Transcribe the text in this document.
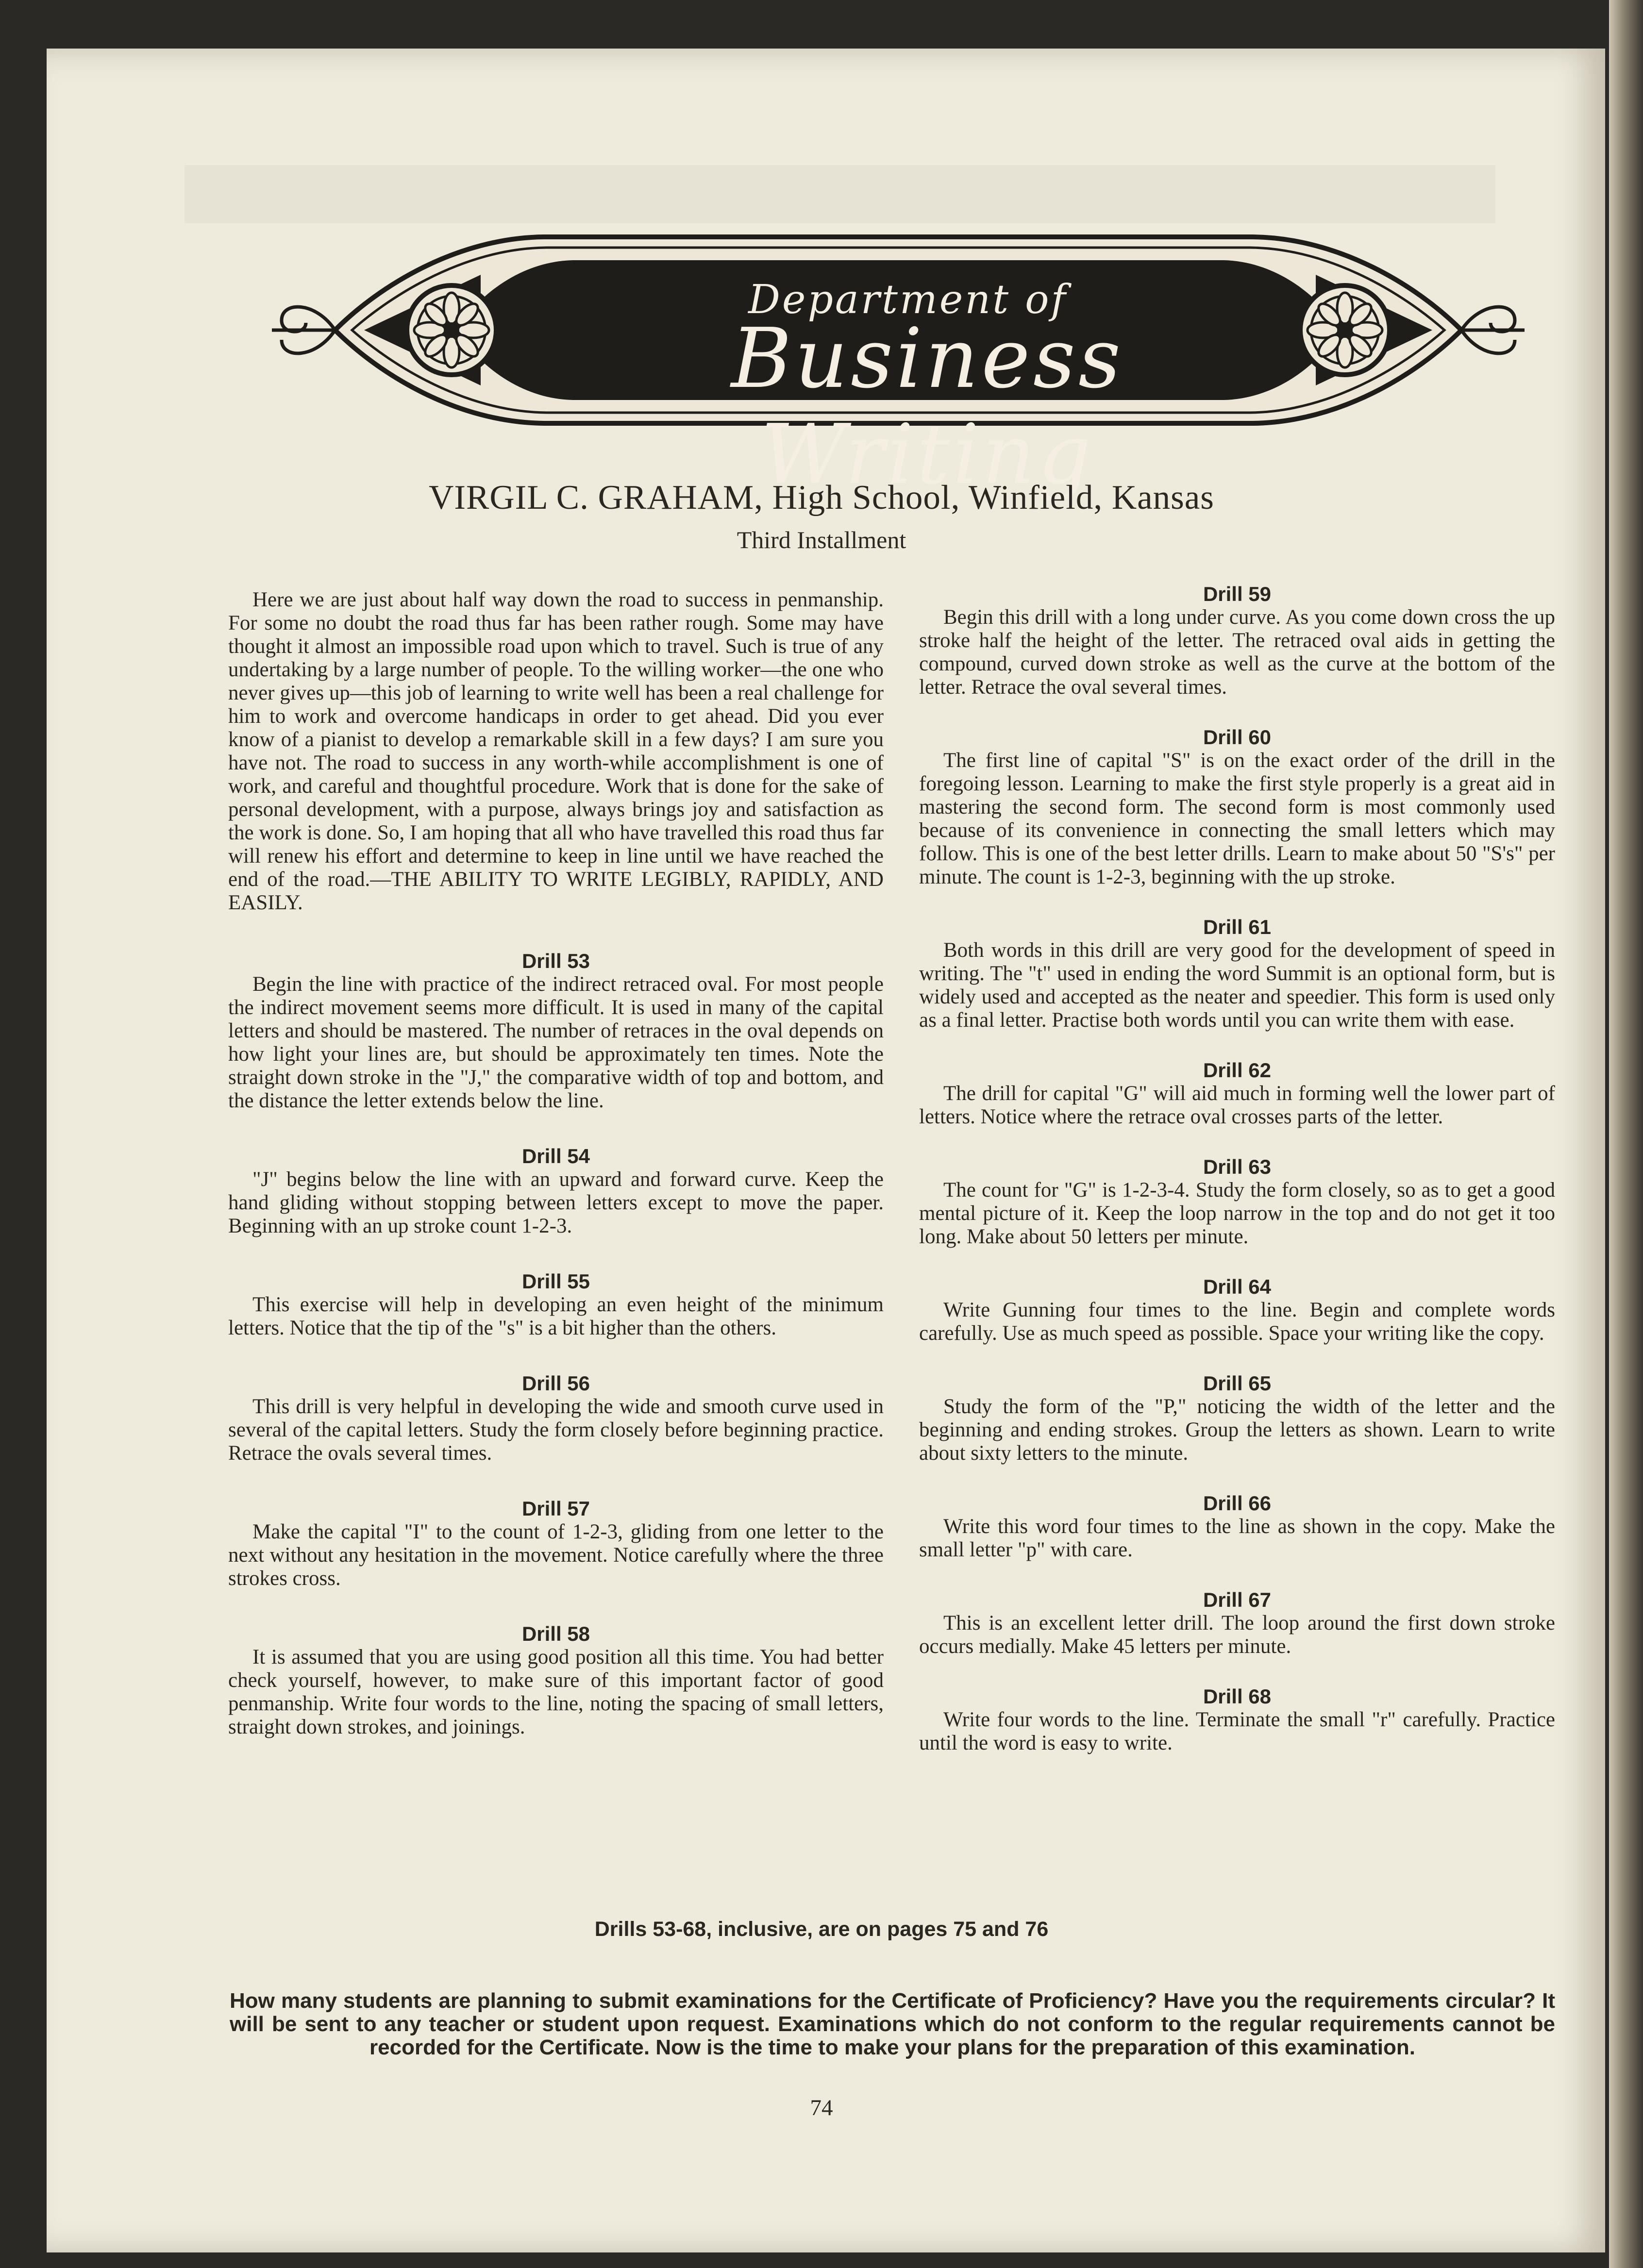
Department of
Business Writing
VIRGIL C. GRAHAM, High School, Winfield, Kansas
Third Installment

Here we are just about half way down the road to success in penmanship. For some no doubt the road thus far has been rather rough. Some may have thought it almost an impossible road upon which to travel. Such is true of any undertaking by a large number of people. To the willing worker—the one who never gives up—this job of learning to write well has been a real challenge for him to work and overcome handicaps in order to get ahead. Did you ever know of a pianist to develop a remarkable skill in a few days? I am sure you have not. The road to success in any worth-while accomplishment is one of work, and careful and thoughtful procedure. Work that is done for the sake of personal development, with a purpose, always brings joy and satisfaction as the work is done. So, I am hoping that all who have travelled this road thus far will renew his effort and determine to keep in line until we have reached the end of the road.—THE ABILITY TO WRITE LEGIBLY, RAPIDLY, AND EASILY.

Drill 53

Begin the line with practice of the indirect retraced oval. For most people the indirect movement seems more difficult. It is used in many of the capital letters and should be mastered. The number of retraces in the oval depends on how light your lines are, but should be approximately ten times. Note the straight down stroke in the "J," the comparative width of top and bottom, and the distance the letter extends below the line.

Drill 54

"J" begins below the line with an upward and forward curve. Keep the hand gliding without stopping between letters except to move the paper. Beginning with an up stroke count 1-2-3.

Drill 55

This exercise will help in developing an even height of the minimum letters. Notice that the tip of the "s" is a bit higher than the others.

Drill 56

This drill is very helpful in developing the wide and smooth curve used in several of the capital letters. Study the form closely before beginning practice. Retrace the ovals several times.

Drill 57

Make the capital "I" to the count of 1-2-3, gliding from one letter to the next without any hesitation in the movement. Notice carefully where the three strokes cross.

Drill 58

It is assumed that you are using good position all this time. You had better check yourself, however, to make sure of this important factor of good penmanship. Write four words to the line, noting the spacing of small letters, straight down strokes, and joinings.

Drill 59

Begin this drill with a long under curve. As you come down cross the up stroke half the height of the letter. The retraced oval aids in getting the compound, curved down stroke as well as the curve at the bottom of the letter. Retrace the oval several times.

Drill 60

The first line of capital "S" is on the exact order of the drill in the foregoing lesson. Learning to make the first style properly is a great aid in mastering the second form. The second form is most commonly used because of its convenience in connecting the small letters which may follow. This is one of the best letter drills. Learn to make about 50 "S's" per minute. The count is 1-2-3, beginning with the up stroke.

Drill 61

Both words in this drill are very good for the development of speed in writing. The "t" used in ending the word Summit is an optional form, but is widely used and accepted as the neater and speedier. This form is used only as a final letter. Practise both words until you can write them with ease.

Drill 62

The drill for capital "G" will aid much in forming well the lower part of letters. Notice where the retrace oval crosses parts of the letter.

Drill 63

The count for "G" is 1-2-3-4. Study the form closely, so as to get a good mental picture of it. Keep the loop narrow in the top and do not get it too long. Make about 50 letters per minute.

Drill 64

Write Gunning four times to the line. Begin and complete words carefully. Use as much speed as possible. Space your writing like the copy.

Drill 65

Study the form of the "P," noticing the width of the letter and the beginning and ending strokes. Group the letters as shown. Learn to write about sixty letters to the minute.

Drill 66

Write this word four times to the line as shown in the copy. Make the small letter "p" with care.

Drill 67

This is an excellent letter drill. The loop around the first down stroke occurs medially. Make 45 letters per minute.

Drill 68

Write four words to the line. Terminate the small "r" carefully. Practice until the word is easy to write.

Drills 53-68, inclusive, are on pages 75 and 76
How many students are planning to submit examinations for the Certificate of Proficiency? Have you the requirements circular? It will be sent to any teacher or student upon request. Examinations which do not conform to the regular requirements cannot be recorded for the Certificate. Now is the time to make your plans for the preparation of this examination.
74
